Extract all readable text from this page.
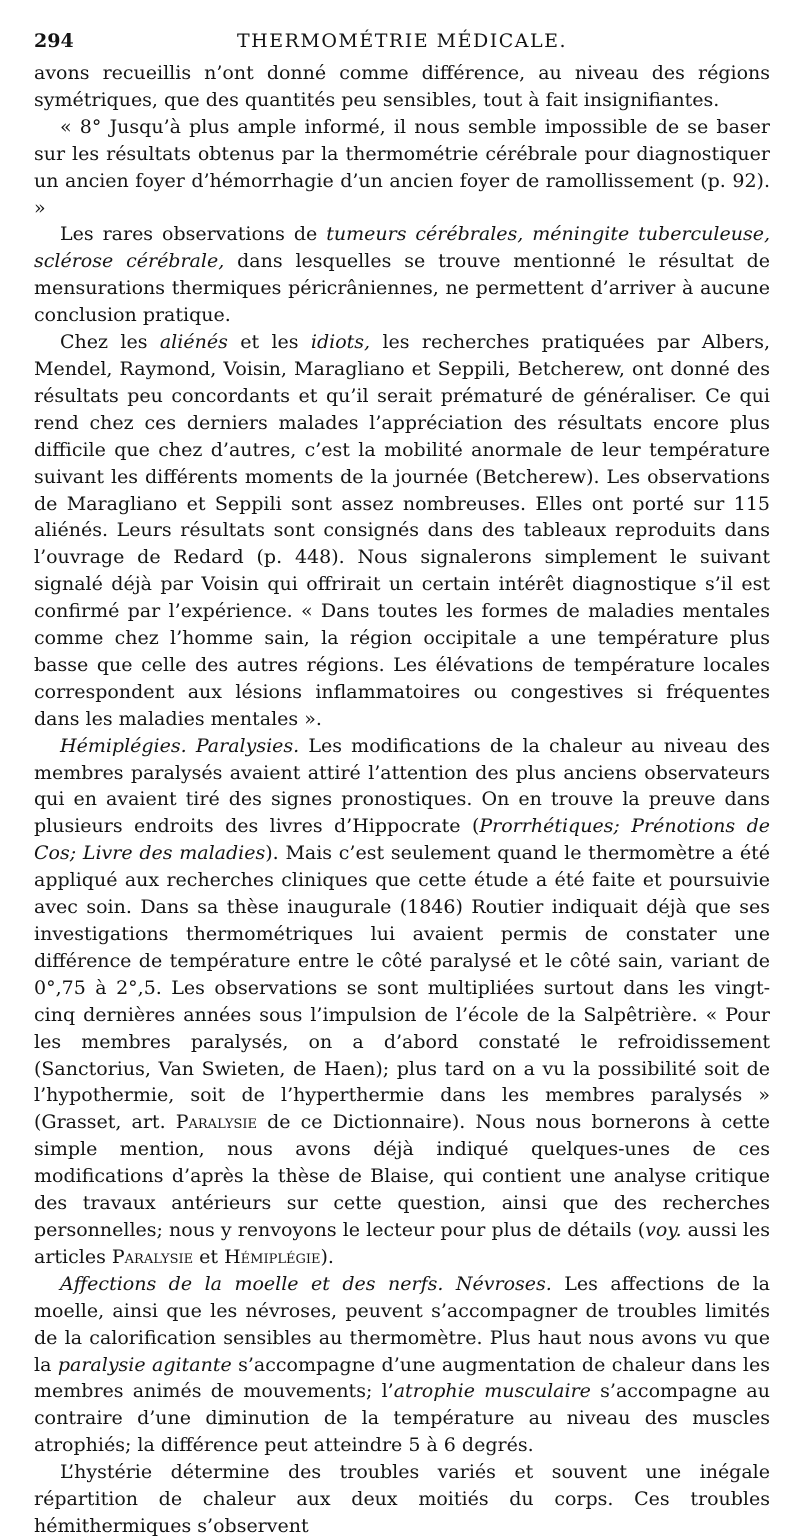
294	THERMOMÉTRIE MÉDICALE.

avons recueillis n’ont donné comme différence, au niveau des régions symétriques, que des quantités peu sensibles, tout à fait insignifiantes.

« 8° Jusqu’à plus ample informé, il nous semble impossible de se baser sur les résultats obtenus par la thermométrie cérébrale pour diagnostiquer un ancien foyer d’hémorrhagie d’un ancien foyer de ramollissement (p. 92). »

Les rares observations de tumeurs cérébrales, méningite tuberculeuse, sclérose cérébrale, dans lesquelles se trouve mentionné le résultat de mensurations thermiques péricrâniennes, ne permettent d’arriver à aucune conclusion pratique.

Chez les aliénés et les idiots, les recherches pratiquées par Albers, Mendel, Raymond, Voisin, Maragliano et Seppili, Betcherew, ont donné des résultats peu concordants et qu’il serait prématuré de généraliser. Ce qui rend chez ces derniers malades l’appréciation des résultats encore plus difficile que chez d’autres, c’est la mobilité anormale de leur température suivant les différents moments de la journée (Betcherew). Les observations de Maragliano et Seppili sont assez nombreuses. Elles ont porté sur 115 aliénés. Leurs résultats sont consignés dans des tableaux reproduits dans l’ouvrage de Redard (p. 448). Nous signalerons simplement le suivant signalé déjà par Voisin qui offrirait un certain intérêt diagnostique s’il est confirmé par l’expérience. « Dans toutes les formes de maladies mentales comme chez l’homme sain, la région occipitale a une température plus basse que celle des autres régions. Les élévations de température locales correspondent aux lésions inflammatoires ou congestives si fréquentes dans les maladies mentales ».

Hémiplégies. Paralysies. Les modifications de la chaleur au niveau des membres paralysés avaient attiré l’attention des plus anciens observateurs qui en avaient tiré des signes pronostiques. On en trouve la preuve dans plusieurs endroits des livres d’Hippocrate (Prorrhétiques; Prénotions de Cos; Livre des maladies). Mais c’est seulement quand le thermomètre a été appliqué aux recherches cliniques que cette étude a été faite et poursuivie avec soin. Dans sa thèse inaugurale (1846) Routier indiquait déjà que ses investigations thermométriques lui avaient permis de constater une différence de température entre le côté paralysé et le côté sain, variant de 0°,75 à 2°,5. Les observations se sont multipliées surtout dans les vingt-cinq dernières années sous l’impulsion de l’école de la Salpêtrière. « Pour les membres paralysés, on a d’abord constaté le refroidissement (Sanctorius, Van Swieten, de Haen); plus tard on a vu la possibilité soit de l’hypothermie, soit de l’hyperthermie dans les membres paralysés » (Grasset, art. Paralysie de ce Dictionnaire). Nous nous bornerons à cette simple mention, nous avons déjà indiqué quelques-unes de ces modifications d’après la thèse de Blaise, qui contient une analyse critique des travaux antérieurs sur cette question, ainsi que des recherches personnelles; nous y renvoyons le lecteur pour plus de détails (voy. aussi les articles Paralysie et Hémiplégie).

Affections de la moelle et des nerfs. Névroses. Les affections de la moelle, ainsi que les névroses, peuvent s’accompagner de troubles limités de la calorification sensibles au thermomètre. Plus haut nous avons vu que la paralysie agitante s’accompagne d’une augmentation de chaleur dans les membres animés de mouvements; l’atrophie musculaire s’accompagne au contraire d’une diminution de la température au niveau des muscles atrophiés; la différence peut atteindre 5 à 6 degrés.

L’hystérie détermine des troubles variés et souvent une inégale répartition de chaleur aux deux moitiés du corps. Ces troubles hémithermiques s’observent
